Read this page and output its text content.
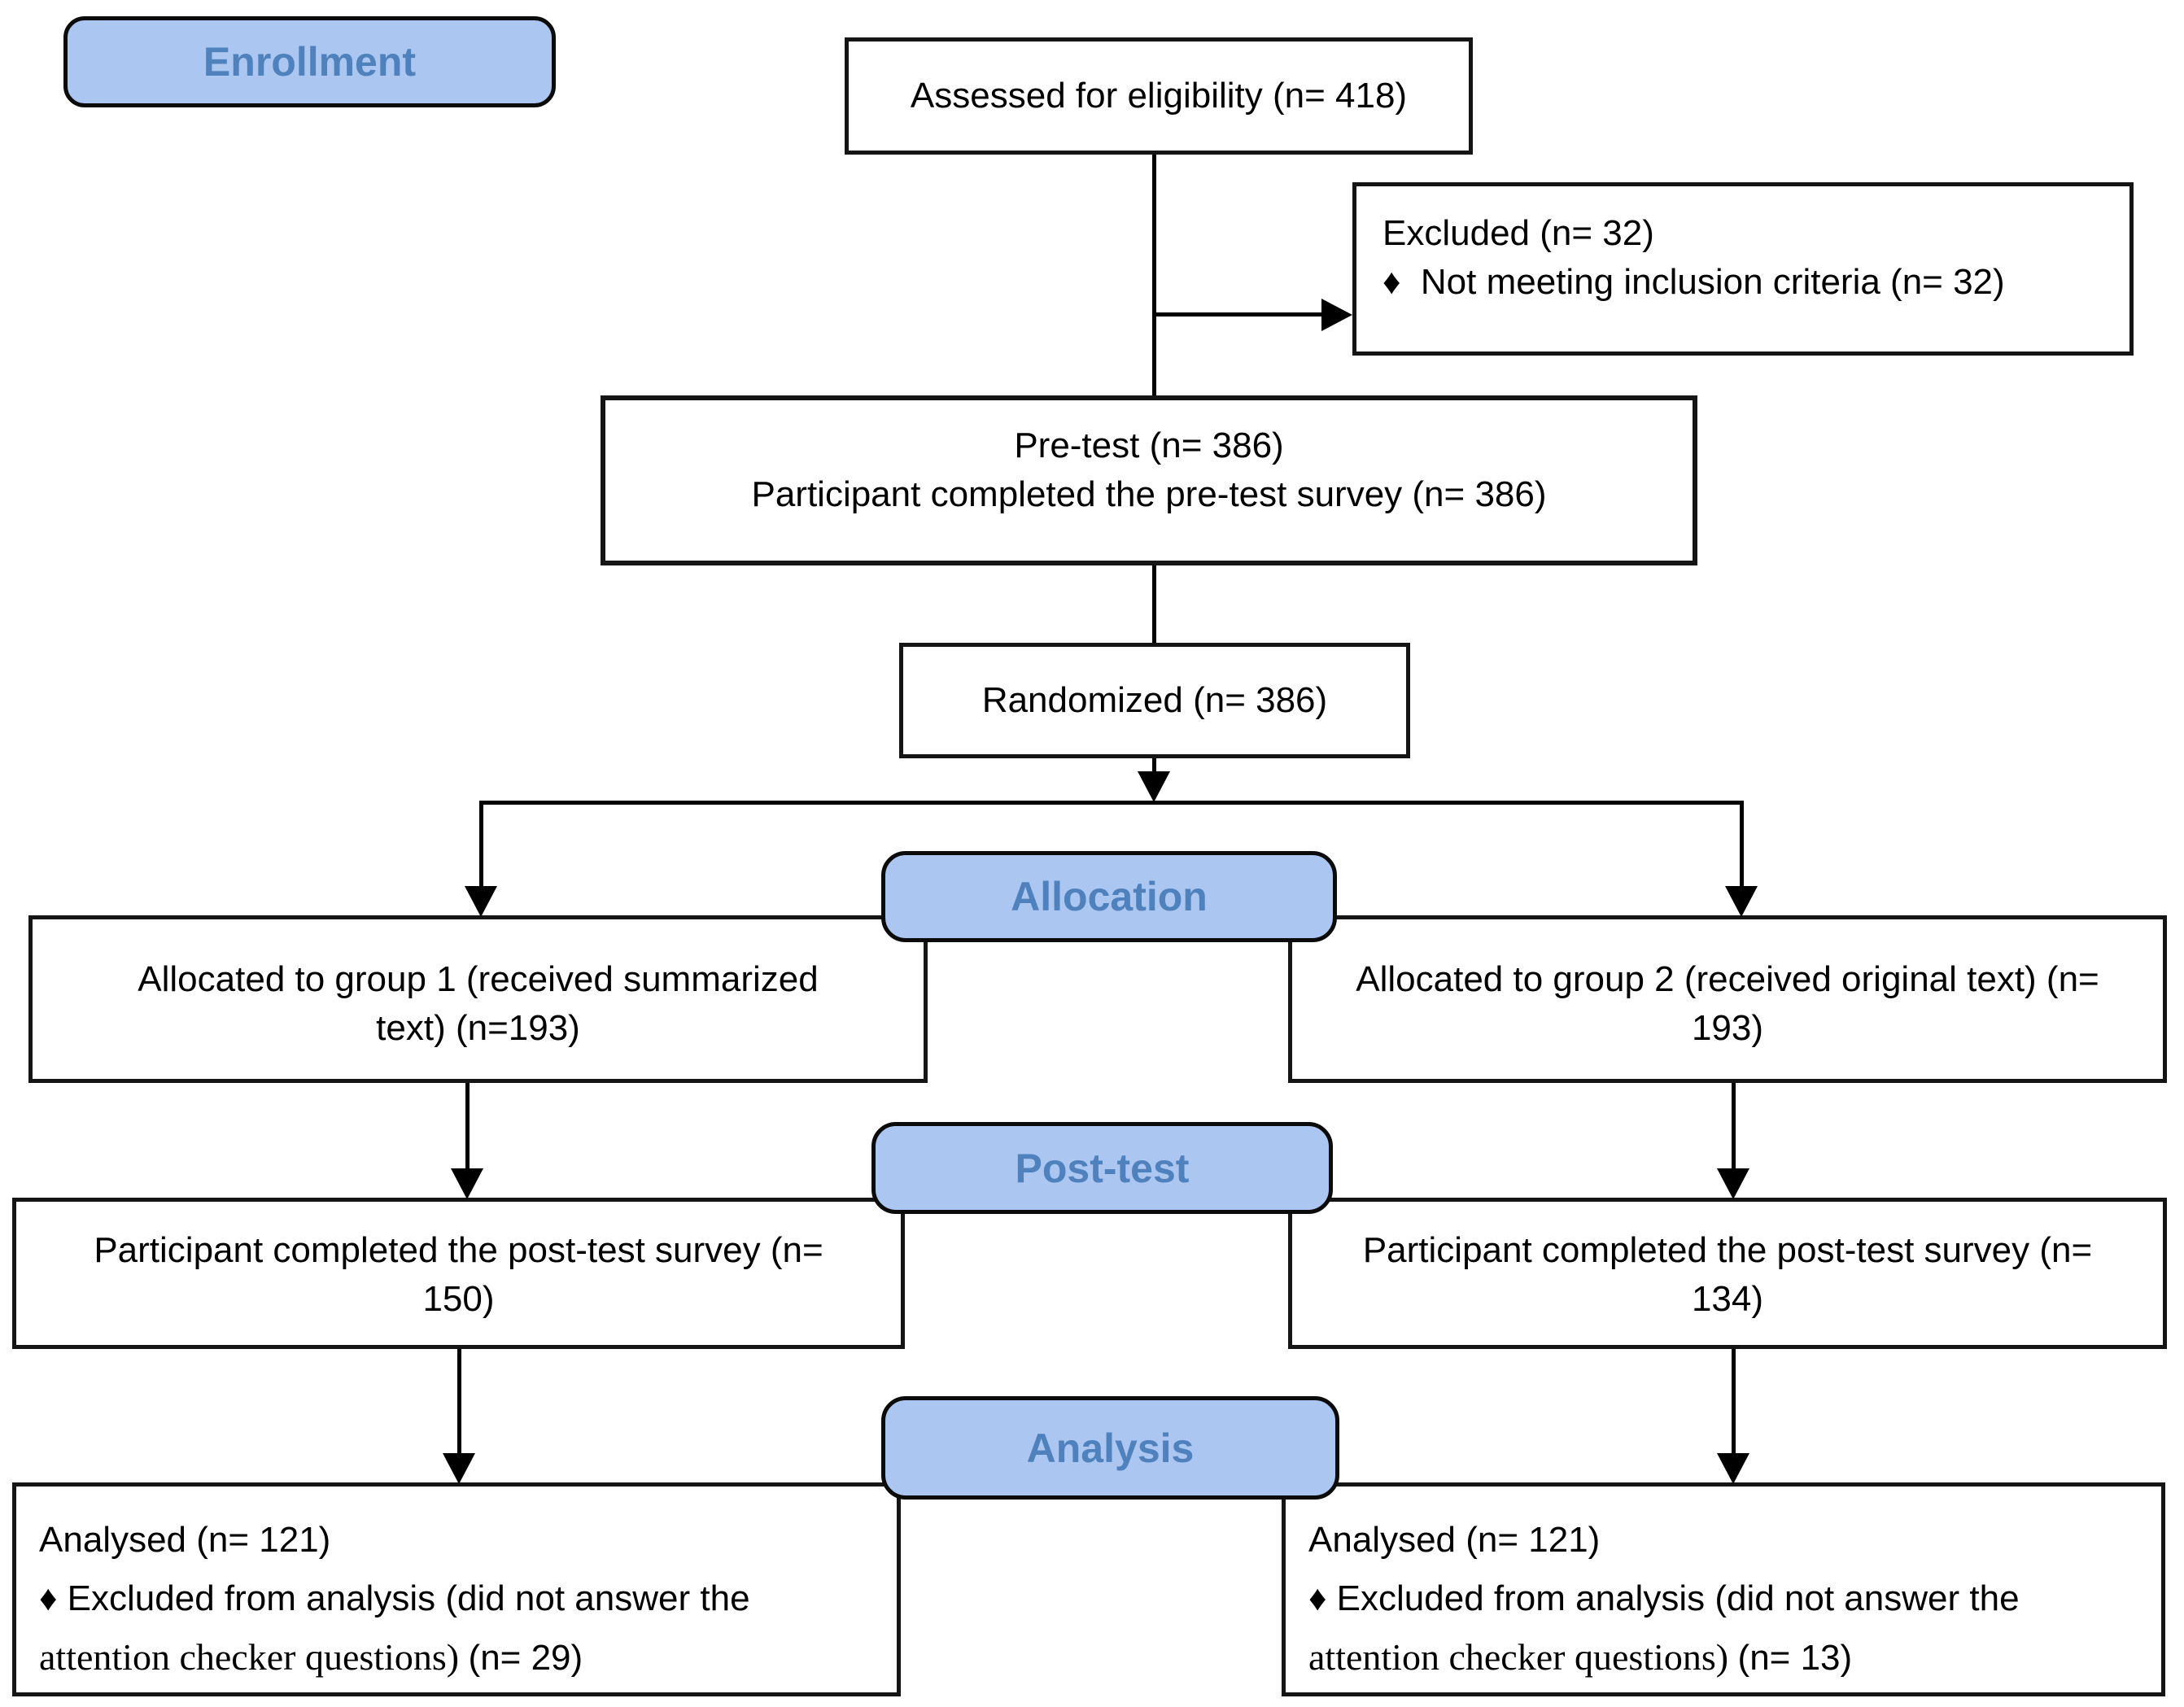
Enrollment
Allocation
Post-test
Analysis
Assessed for eligibility (n= 418)
Excluded (n= 32)
♦  Not meeting inclusion criteria (n= 32)
Pre-test (n= 386)
Participant completed the pre-test survey (n= 386)
Randomized (n= 386)
Allocated to group 1 (received summarized
text) (n=193)
Allocated to group 2 (received original text) (n=
193)
Participant completed the post-test survey (n=
150)
Participant completed the post-test survey (n=
134)
Analysed (n= 121)
♦ Excluded from analysis (did not answer the
attention checker questions) (n= 29)
Analysed (n= 121)
♦ Excluded from analysis (did not answer the
attention checker questions) (n= 13)
